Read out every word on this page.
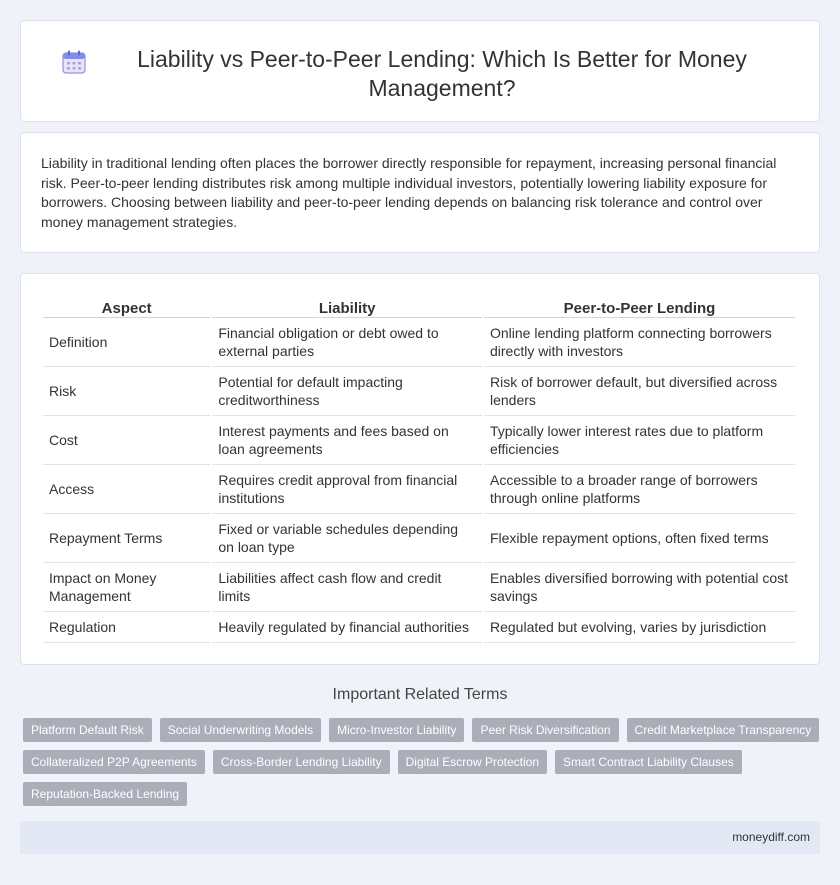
Liability vs Peer-to-Peer Lending: Which Is Better for Money Management?

Liability in traditional lending often places the borrower directly responsible for repayment, increasing personal financial risk. Peer-to-peer lending distributes risk among multiple individual investors, potentially lowering liability exposure for borrowers. Choosing between liability and peer-to-peer lending depends on balancing risk tolerance and control over money management strategies.

Aspect	Liability	Peer-to-Peer Lending
Definition	Financial obligation or debt owed to external parties	Online lending platform connecting borrowers directly with investors
Risk	Potential for default impacting creditworthiness	Risk of borrower default, but diversified across lenders
Cost	Interest payments and fees based on loan agreements	Typically lower interest rates due to platform efficiencies
Access	Requires credit approval from financial institutions	Accessible to a broader range of borrowers through online platforms
Repayment Terms	Fixed or variable schedules depending on loan type	Flexible repayment options, often fixed terms
Impact on Money Management	Liabilities affect cash flow and credit limits	Enables diversified borrowing with potential cost savings
Regulation	Heavily regulated by financial authorities	Regulated but evolving, varies by jurisdiction
Important Related Terms
Platform Default Risk	Social Underwriting Models	Micro-Investor Liability	Peer Risk Diversification	Credit Marketplace Transparency
Collateralized P2P Agreements	Cross-Border Lending Liability	Digital Escrow Protection	Smart Contract Liability Clauses
Reputation-Backed Lending
moneydiff.com
